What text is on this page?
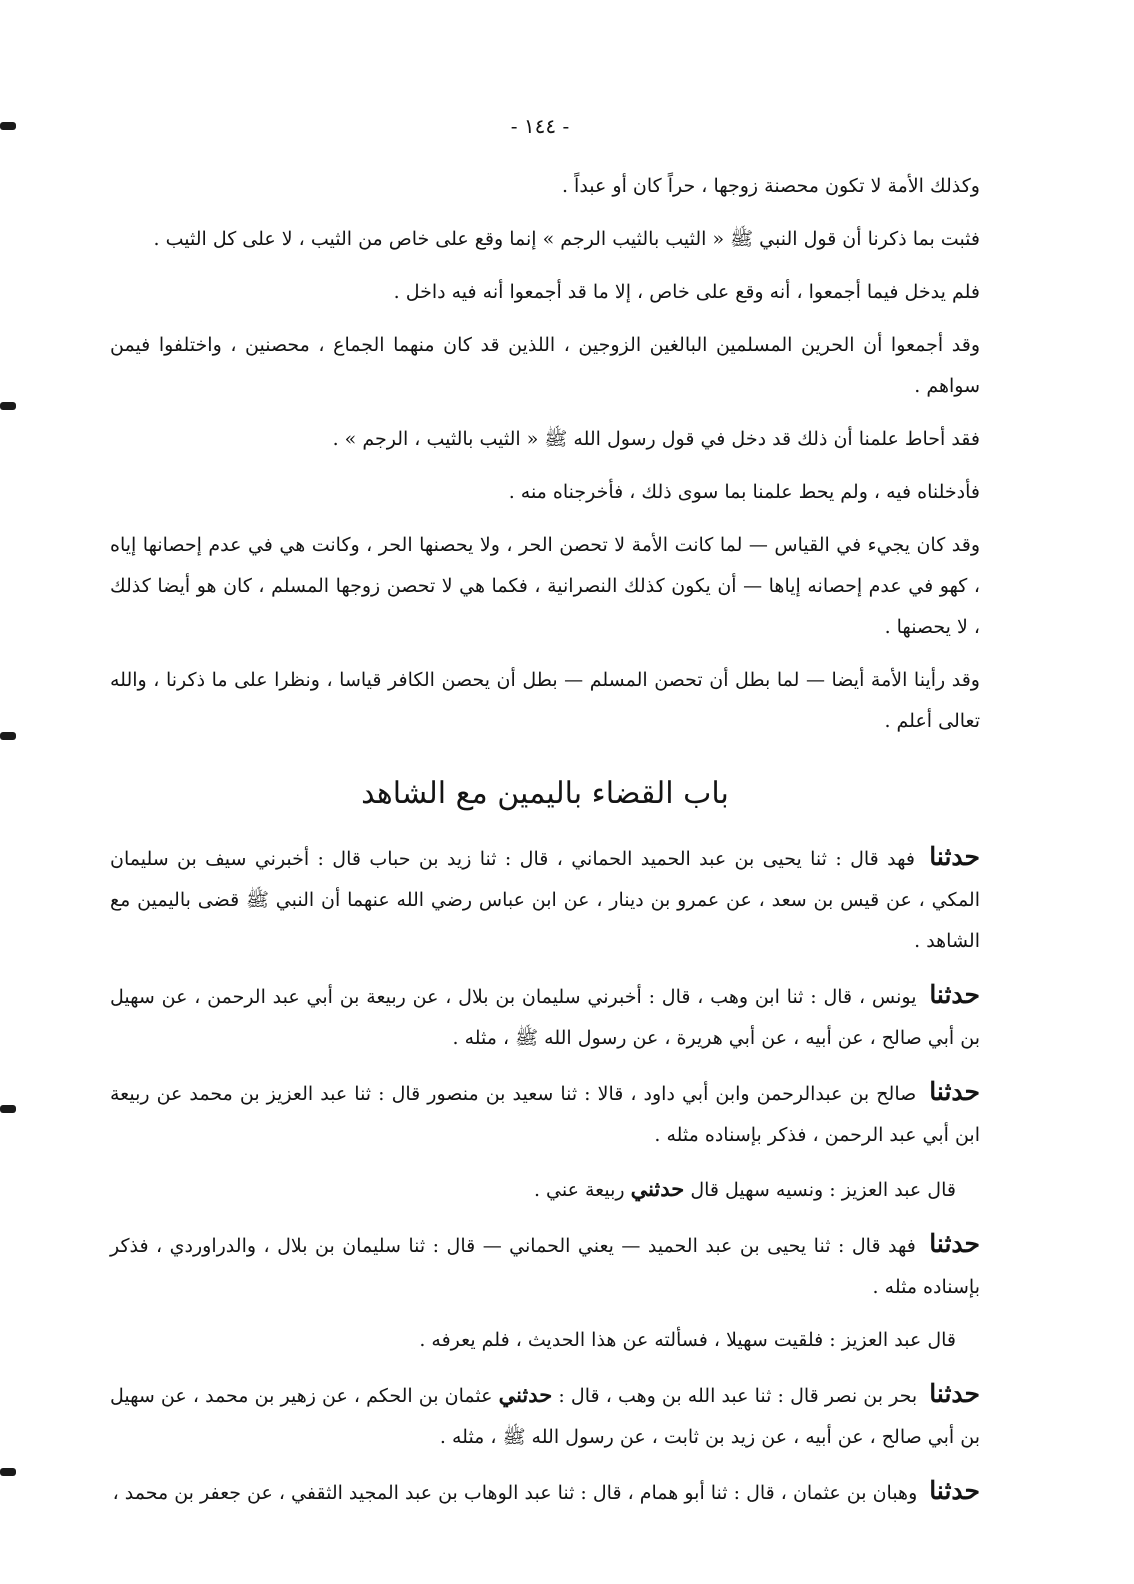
- ١٤٤ -

وكذلك الأمة لا تكون محصنة زوجها ، حراً كان أو عبداً .

فثبت بما ذكرنا أن قول النبي ﷺ « الثيب بالثيب الرجم » إنما وقع على خاص من الثيب ، لا على كل الثيب .

فلم يدخل فيما أجمعوا ، أنه وقع على خاص ، إلا ما قد أجمعوا أنه فيه داخل .

وقد أجمعوا أن الحرين المسلمين البالغين الزوجين ، اللذين قد كان منهما الجماع ، محصنين ، واختلفوا فيمن سواهم .

فقد أحاط علمنا أن ذلك قد دخل في قول رسول الله ﷺ « الثيب بالثيب ، الرجم » .

فأدخلناه فيه ، ولم يحط علمنا بما سوى ذلك ، فأخرجناه منه .

وقد كان يجيء في القياس — لما كانت الأمة لا تحصن الحر ، ولا يحصنها الحر ، وكانت هي في عدم إحصانها إياه ، كهو في عدم إحصانه إياها — أن يكون كذلك النصرانية ، فكما هي لا تحصن زوجها المسلم ، كان هو أيضا كذلك ، لا يحصنها .

وقد رأينا الأمة أيضا — لما بطل أن تحصن المسلم — بطل أن يحصن الكافر قياسا ، ونظرا على ما ذكرنا ، والله تعالى أعلم .

باب القضاء باليمين مع الشاهد

حدثنا فهد قال : ثنا يحيى بن عبد الحميد الحماني ، قال : ثنا زيد بن حباب قال : أخبرني سيف بن سليمان المكي ، عن قيس بن سعد ، عن عمرو بن دينار ، عن ابن عباس رضي الله عنهما أن النبي ﷺ قضى باليمين مع الشاهد .

حدثنا يونس ، قال : ثنا ابن وهب ، قال : أخبرني سليمان بن بلال ، عن ربيعة بن أبي عبد الرحمن ، عن سهيل بن أبي صالح ، عن أبيه ، عن أبي هريرة ، عن رسول الله ﷺ ، مثله .

حدثنا صالح بن عبدالرحمن وابن أبي داود ، قالا : ثنا سعيد بن منصور قال : ثنا عبد العزيز بن محمد عن ربيعة ابن أبي عبد الرحمن ، فذكر بإسناده مثله .

قال عبد العزيز : ونسيه سهيل قال حدثني ربيعة عني .

حدثنا فهد قال : ثنا يحيى بن عبد الحميد — يعني الحماني — قال : ثنا سليمان بن بلال ، والدراوردي ، فذكر بإسناده مثله .

قال عبد العزيز : فلقيت سهيلا ، فسألته عن هذا الحديث ، فلم يعرفه .

حدثنا بحر بن نصر قال : ثنا عبد الله بن وهب ، قال : حدثني عثمان بن الحكم ، عن زهير بن محمد ، عن سهيل بن أبي صالح ، عن أبيه ، عن زيد بن ثابت ، عن رسول الله ﷺ ، مثله .

حدثنا وهبان بن عثمان ، قال : ثنا أبو همام ، قال : ثنا عبد الوهاب بن عبد المجيد الثقفي ، عن جعفر بن محمد ،
